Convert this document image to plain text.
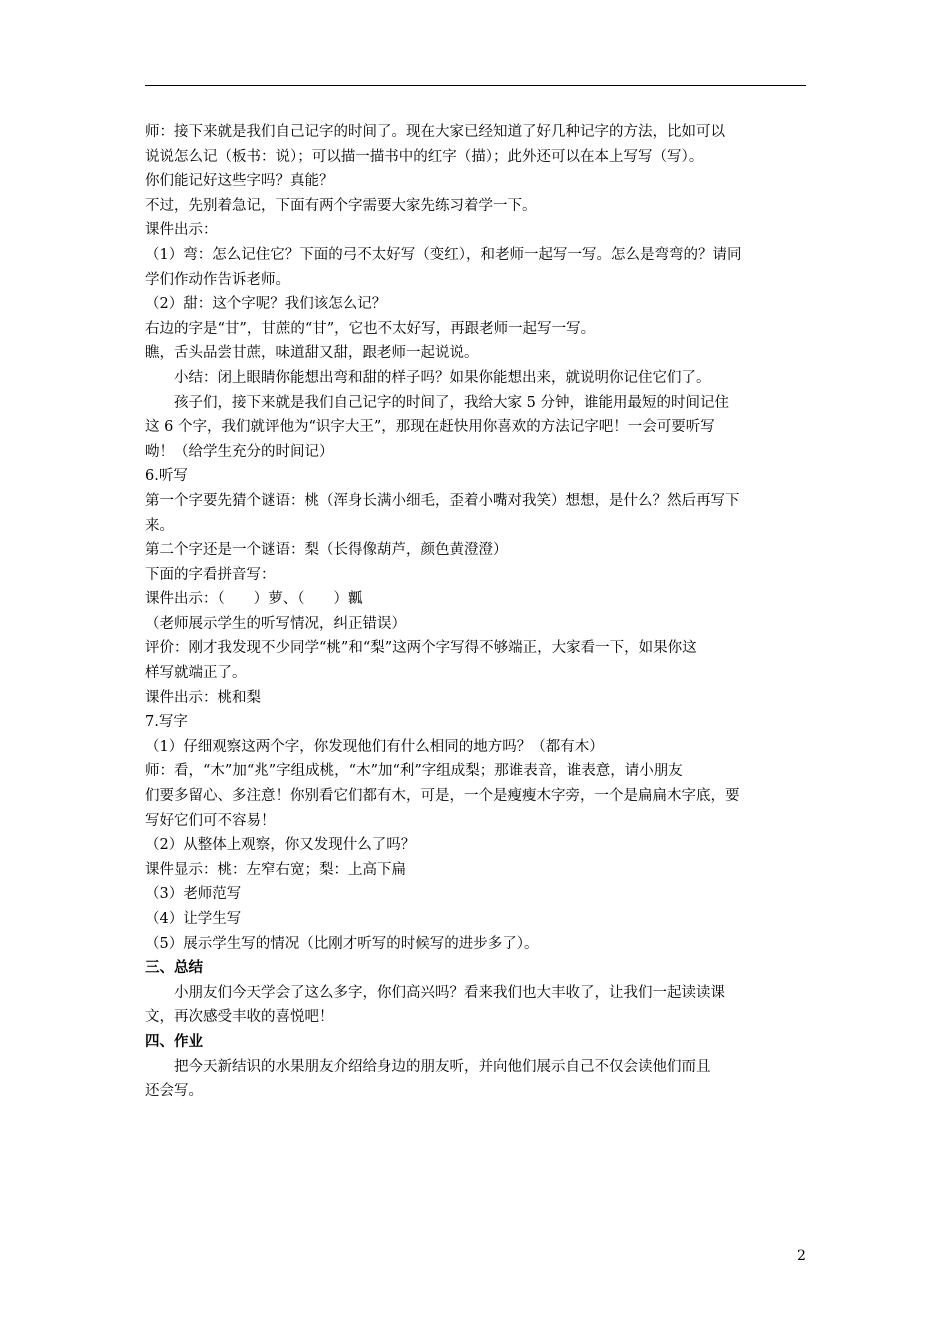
师：接下来就是我们自己记字的时间了。现在大家已经知道了好几种记字的方法，比如可以

说说怎么记（板书：说）；可以描一描书中的红字（描）；此外还可以在本上写写（写）。

你们能记好这些字吗？真能？

不过，先别着急记，下面有两个字需要大家先练习着学一下。

课件出示：

（1）弯：怎么记住它？下面的弓不太好写（变红），和老师一起写一写。怎么是弯弯的？请同

学们作动作告诉老师。

（2）甜：这个字呢？我们该怎么记？

右边的字是“甘”，甘蔗的“甘”，它也不太好写，再跟老师一起写一写。

瞧，舌头品尝甘蔗，味道甜又甜，跟老师一起说说。

小结：闭上眼睛你能想出弯和甜的样子吗？如果你能想出来，就说明你记住它们了。

孩子们，接下来就是我们自己记字的时间了，我给大家 5 分钟，谁能用最短的时间记住

这 6 个字，我们就评他为“识字大王”，那现在赶快用你喜欢的方法记字吧！一会可要听写

呦！（给学生充分的时间记）

6.听写

第一个字要先猜个谜语：桃（浑身长满小细毛，歪着小嘴对我笑）想想，是什么？然后再写下

来。

第二个字还是一个谜语：梨（长得像葫芦，颜色黄澄澄）

下面的字看拼音写：

课件出示：（　　）萝、（　　）瓤

（老师展示学生的听写情况，纠正错误）

评价：刚才我发现不少同学“桃”和“梨”这两个字写得不够端正，大家看一下，如果你这

样写就端正了。

课件出示：桃和梨

7.写字

（1）仔细观察这两个字，你发现他们有什么相同的地方吗？（都有木）

师：看，“木”加“兆”字组成桃，“木”加“利”字组成梨；那谁表音，谁表意，请小朋友

们要多留心、多注意！你别看它们都有木，可是，一个是瘦瘦木字旁，一个是扁扁木字底，要

写好它们可不容易！

（2）从整体上观察，你又发现什么了吗？

课件显示：桃：左窄右宽；梨：上高下扁

（3）老师范写

（4）让学生写

（5）展示学生写的情况（比刚才听写的时候写的进步多了）。

三、总结

小朋友们今天学会了这么多字，你们高兴吗？看来我们也大丰收了，让我们一起读读课

文，再次感受丰收的喜悦吧！

四、作业

把今天新结识的水果朋友介绍给身边的朋友听，并向他们展示自己不仅会读他们而且

还会写。

2
